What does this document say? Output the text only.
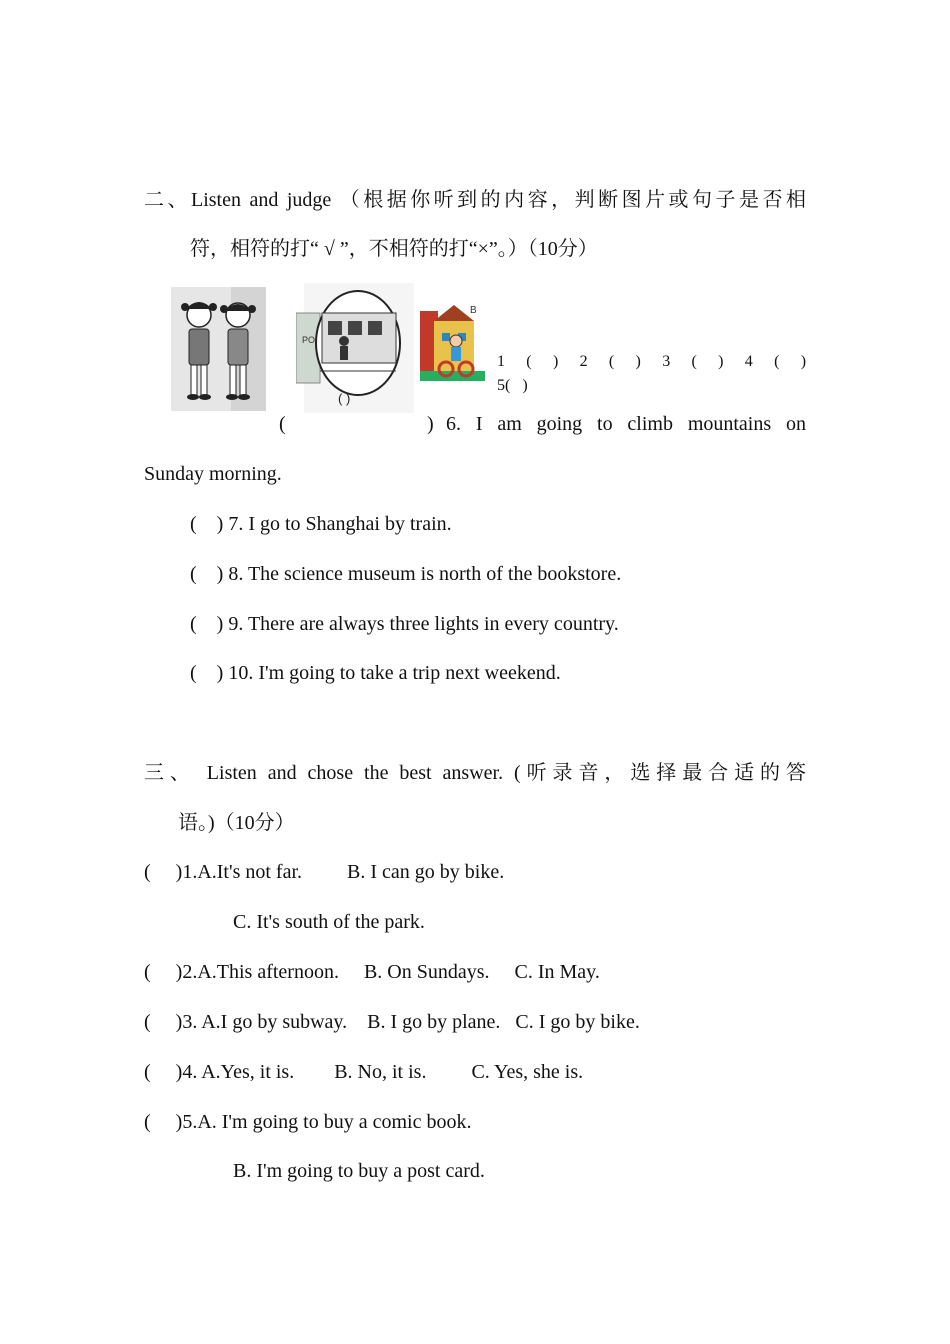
二、Listen and judge （根据你听到的内容，判断图片或句子是否相
符，相符的打“ √ ”，不相符的打“×”。）（10分）
PO
( )
B
1 ( ) 2 ( ) 3 ( ) 4 ( )
5(   )
(	) 6. I am going to climb mountains on
Sunday morning.
(    ) 7. I go to Shanghai by train.
(    ) 8. The science museum is north of the bookstore.
(    ) 9. There are always three lights in every country.
(    ) 10. I'm going to take a trip next weekend.
三、 Listen and chose the best answer. (听录音，选择最合适的答
语。)（10分）
(     )1.A.It's not far.         B. I can go by bike.
C. It's south of the park.
(     )2.A.This afternoon.     B. On Sundays.     C. In May.
(     )3. A.I go by subway.    B. I go by plane.   C. I go by bike.
(     )4. A.Yes, it is.        B. No, it is.         C. Yes, she is.
(     )5.A. I'm going to buy a comic book.
B. I'm going to buy a post card.
